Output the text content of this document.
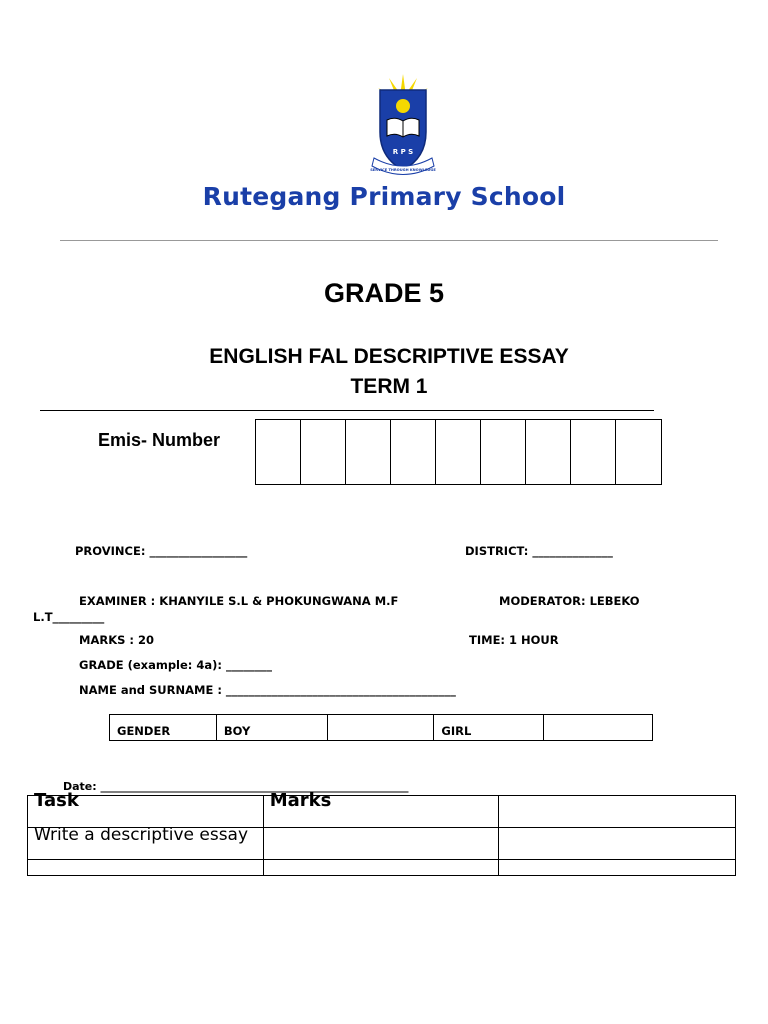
R P S
SERVICE THROUGH KNOWLEDGE
Rutegang Primary School
GRADE 5
ENGLISH FAL DESCRIPTIVE ESSAY
TERM 1
Emis- Number
PROVINCE: _________________	DISTRICT: ______________
EXAMINER : KHANYILE S.L & PHOKUNGWANA M.F	MODERATOR: LEBEKO
L.T_________
MARKS : 20	TIME: 1 HOUR
GRADE (example: 4a): ________
NAME and SURNAME : ________________________________________
GENDER	BOY		GIRL	
Date: ________________________________________________________
Task	Marks	
Write a descriptive essay		
